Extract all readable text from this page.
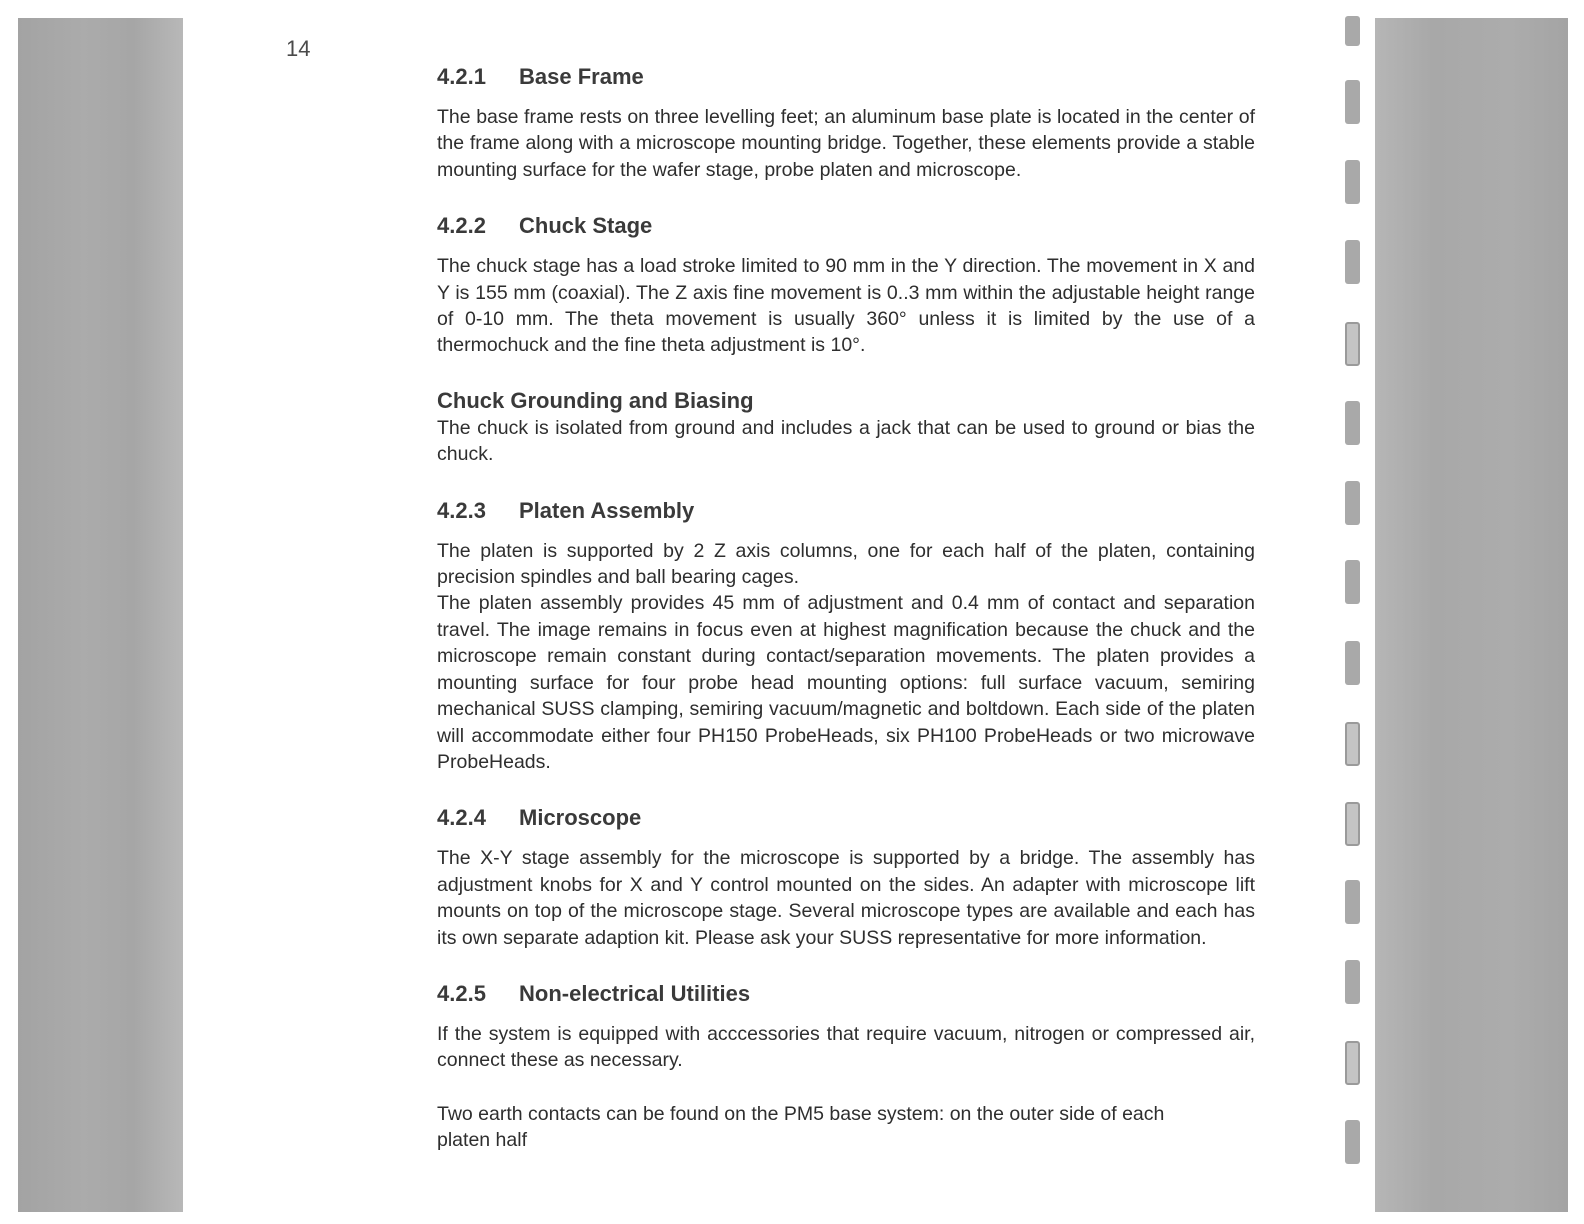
14
4.2.1 Base Frame

The base frame rests on three levelling feet; an aluminum base plate is located in the center of the frame along with a microscope mounting bridge. Together, these elements provide a stable mounting surface for the wafer stage, probe platen and microscope.

4.2.2 Chuck Stage

The chuck stage has a load stroke limited to 90 mm in the Y direction. The movement in X and Y is 155 mm (coaxial). The Z axis fine movement is 0..3 mm within the adjustable height range of 0-10 mm. The theta movement is usually 360° unless it is limited by the use of a thermochuck and the fine theta adjustment is 10°.

Chuck Grounding and Biasing

The chuck is isolated from ground and includes a jack that can be used to ground or bias the chuck.

4.2.3 Platen Assembly

The platen is supported by 2 Z axis columns, one for each half of the platen, containing precision spindles and ball bearing cages.

The platen assembly provides 45 mm of adjustment and 0.4 mm of contact and separation travel. The image remains in focus even at highest magnification because the chuck and the microscope remain constant during contact/separation movements. The platen provides a mounting surface for four probe head mounting options: full surface vacuum, semiring mechanical SUSS clamping, semiring vacuum/magnetic and boltdown. Each side of the platen will accommodate either four PH150 ProbeHeads, six PH100 ProbeHeads or two microwave ProbeHeads.

4.2.4 Microscope

The X-Y stage assembly for the microscope is supported by a bridge. The assembly has adjustment knobs for X and Y control mounted on the sides. An adapter with microscope lift mounts on top of the microscope stage. Several microscope types are available and each has its own separate adaption kit. Please ask your SUSS representative for more information.

4.2.5 Non-electrical Utilities

If the system is equipped with acccessories that require vacuum, nitrogen or compressed air, connect these as necessary.

Two earth contacts can be found on the PM5 base system: on the outer side of each

platen half
